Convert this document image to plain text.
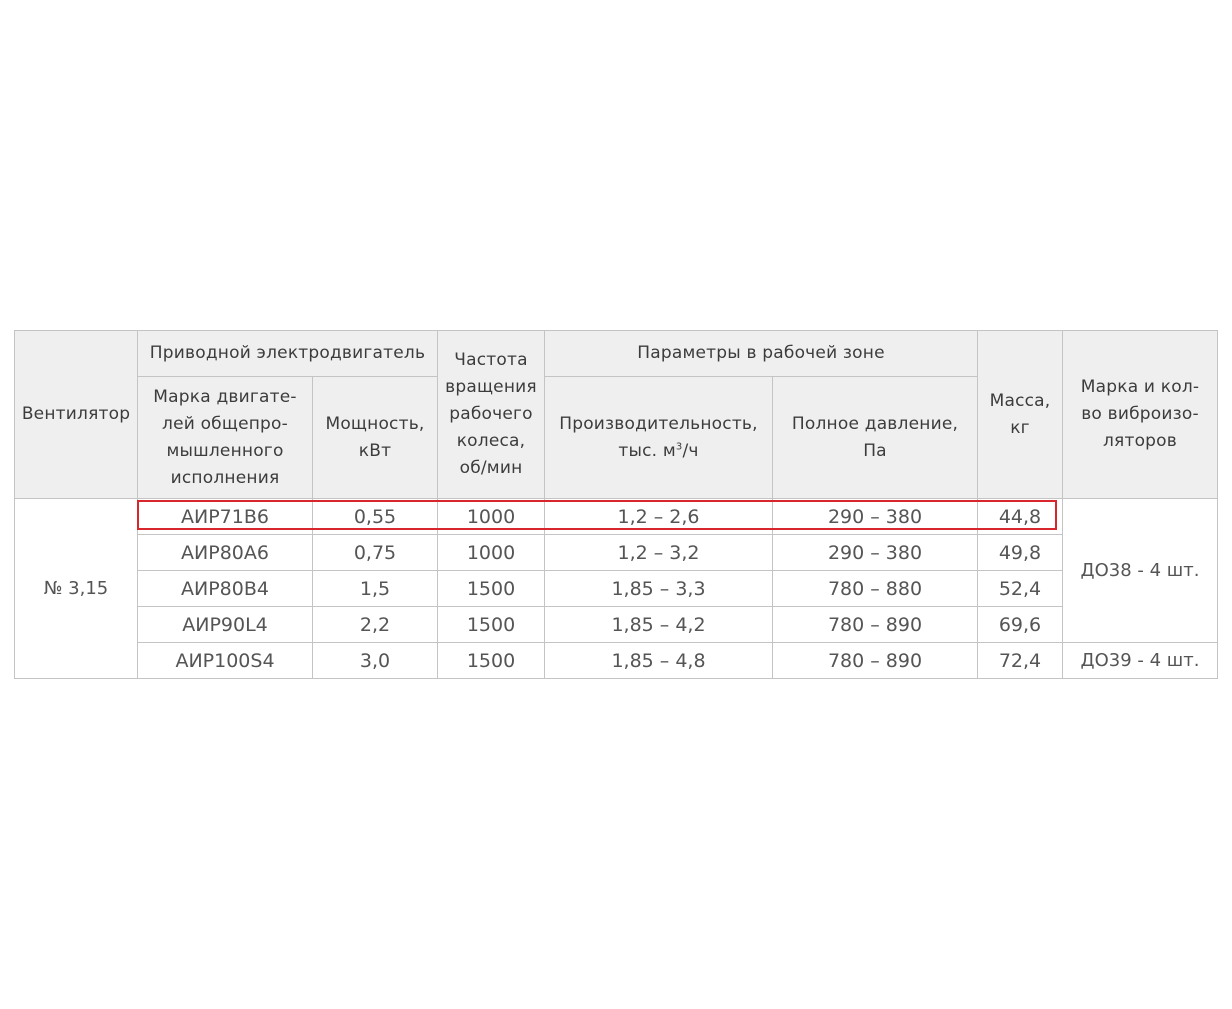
Вентилятор	Приводной электродвигатель		Частота вращения рабочего колеса, об/мин	Параметры в рабочей зоне		Масса, кг	Марка и кол-во виброизо-ляторов
	Марка двигате-лей общепро-мышленного исполнения	Мощность, кВт		Производительность, тыс. $м^3/ч$	Полное давление, Па		
№ 3,15	АИР71В6	0,55	1000	1,2 – 2,6	290 – 380	44,8	ДО38 - 4 шт.
	АИР80А6	0,75	1000	1,2 – 3,2	290 – 380	49,8	
	АИР80В4	1,5	1500	1,85 – 3,3	780 – 880	52,4	
	АИР90L4	2,2	1500	1,85 – 4,2	780 – 890	69,6	
	АИР100S4	3,0	1500	1,85 – 4,8	780 – 890	72,4	ДО39 - 4 шт.
